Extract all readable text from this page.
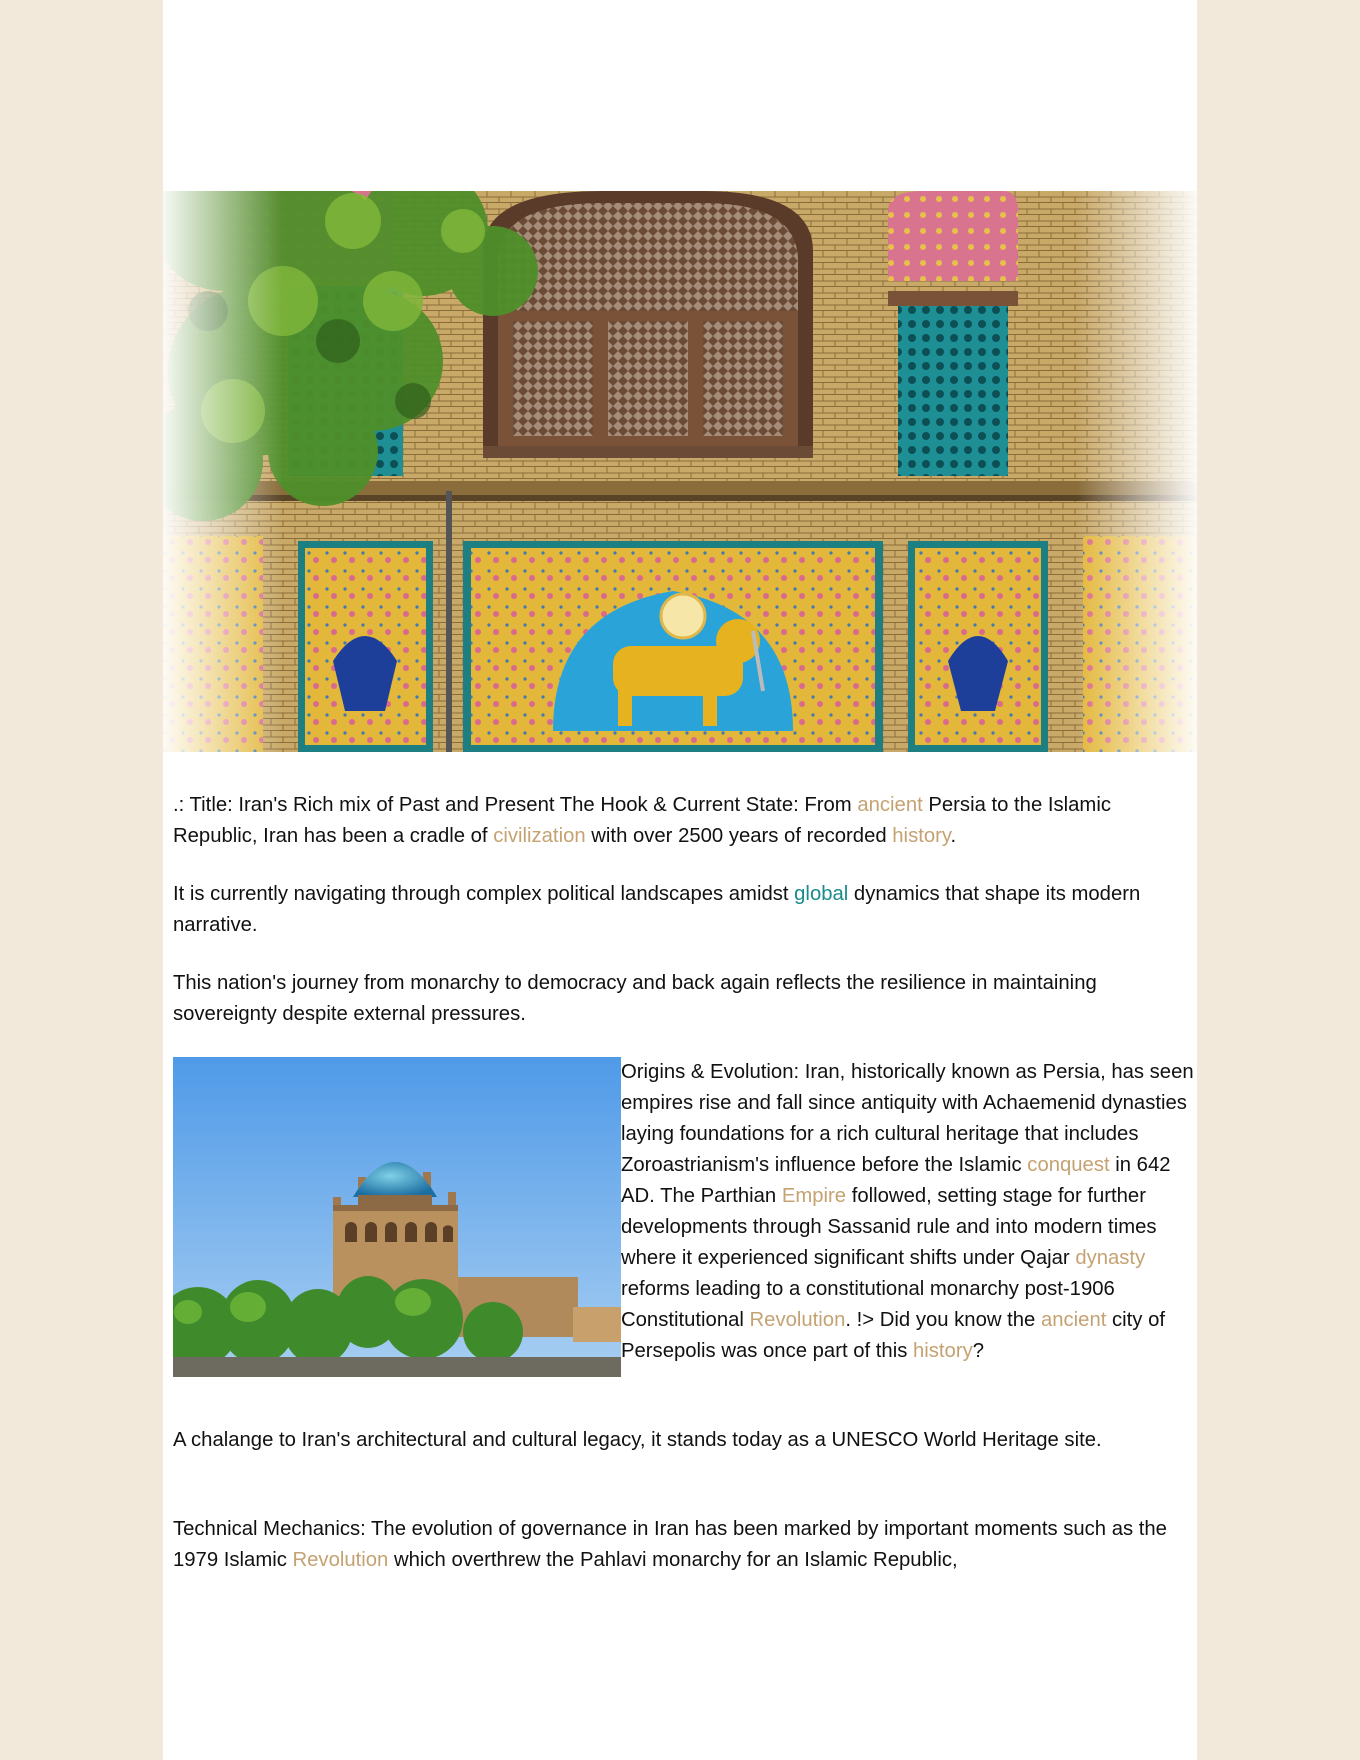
.: Title: Iran's Rich mix of Past and Present The Hook & Current State: From ancient Persia to the Islamic Republic, Iran has been a cradle of civilization with over 2500 years of recorded history.

It is currently navigating through complex political landscapes amidst global dynamics that shape its modern narrative.

This nation's journey from monarchy to democracy and back again reflects the resilience in maintaining sovereignty despite external pressures.

Origins & Evolution: Iran, historically known as Persia, has seen empires rise and fall since antiquity with Achaemenid dynasties laying foundations for a rich cultural heritage that includes Zoroastrianism's influence before the Islamic conquest in 642 AD. The Parthian Empire followed, setting stage for further developments through Sassanid rule and into modern times where it experienced significant shifts under Qajar dynasty reforms leading to a constitutional monarchy post-1906 Constitutional Revolution. !> Did you know the ancient city of Persepolis was once part of this history?

A chalange to Iran's architectural and cultural legacy, it stands today as a UNESCO World Heritage site.

Technical Mechanics: The evolution of governance in Iran has been marked by important moments such as the 1979 Islamic Revolution which overthrew the Pahlavi monarchy for an Islamic Republic,
